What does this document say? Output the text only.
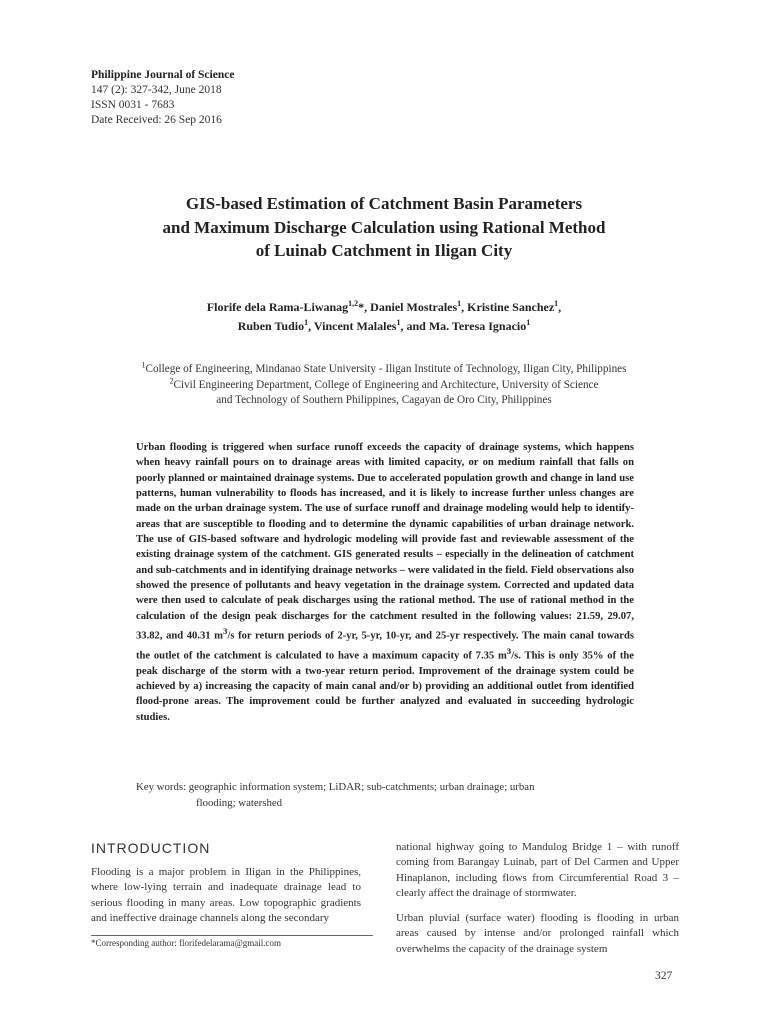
Philippine Journal of Science
147 (2): 327-342, June 2018
ISSN 0031 - 7683
Date Received: 26 Sep 2016
GIS-based Estimation of Catchment Basin Parameters
and Maximum Discharge Calculation using Rational Method
of Luinab Catchment in Iligan City
Florife dela Rama-Liwanag$^{1,2}$*, Daniel Mostrales$^1$, Kristine Sanchez$^1$,
Ruben Tudio$^1$, Vincent Malales$^1$, and Ma. Teresa Ignacio$^1$
$^1$College of Engineering, Mindanao State University - Iligan Institute of Technology, Iligan City, Philippines
$^2$Civil Engineering Department, College of Engineering and Architecture, University of Science
and Technology of Southern Philippines, Cagayan de Oro City, Philippines
Urban flooding is triggered when surface runoff exceeds the capacity of drainage systems, which happens when heavy rainfall pours on to drainage areas with limited capacity, or on medium rainfall that falls on poorly planned or maintained drainage systems. Due to accelerated population growth and change in land use patterns, human vulnerability to floods has increased, and it is likely to increase further unless changes are made on the urban drainage system. The use of surface runoff and drainage modeling would help to identify- areas that are susceptible to flooding and to determine the dynamic capabilities of urban drainage network. The use of GIS-based software and hydrologic modeling will provide fast and reviewable assessment of the existing drainage system of the catchment. GIS generated results – especially in the delineation of catchment and sub-catchments and in identifying drainage networks – were validated in the field. Field observations also showed the presence of pollutants and heavy vegetation in the drainage system. Corrected and updated data were then used to calculate of peak discharges using the rational method. The use of rational method in the calculation of the design peak discharges for the catchment resulted in the following values: 21.59, 29.07, 33.82, and 40.31 $m^3/s$ for return periods of 2-yr, 5-yr, 10-yr, and 25-yr respectively. The main canal towards the outlet of the catchment is calculated to have a maximum capacity of 7.35 $m^3/s$. This is only 35% of the peak discharge of the storm with a two-year return period. Improvement of the drainage system could be achieved by a) increasing the capacity of main canal and/or b) providing an additional outlet from identified flood-prone areas. The improvement could be further analyzed and evaluated in succeeding hydrologic studies.
Key words: geographic information system; LiDAR; sub-catchments; urban drainage; urban
flooding; watershed
INTRODUCTION

Flooding is a major problem in Iligan in the Philippines, where low-lying terrain and inadequate drainage lead to serious flooding in many areas. Low topographic gradients and ineffective drainage channels along the secondary

national highway going to Mandulog Bridge 1 – with runoff coming from Barangay Luinab, part of Del Carmen and Upper Hinaplanon, including flows from Circumferential Road 3 – clearly affect the drainage of stormwater.

Urban pluvial (surface water) flooding is flooding in urban areas caused by intense and/or prolonged rainfall which overwhelms the capacity of the drainage system

*Corresponding author: florifedelarama@gmail.com
327
